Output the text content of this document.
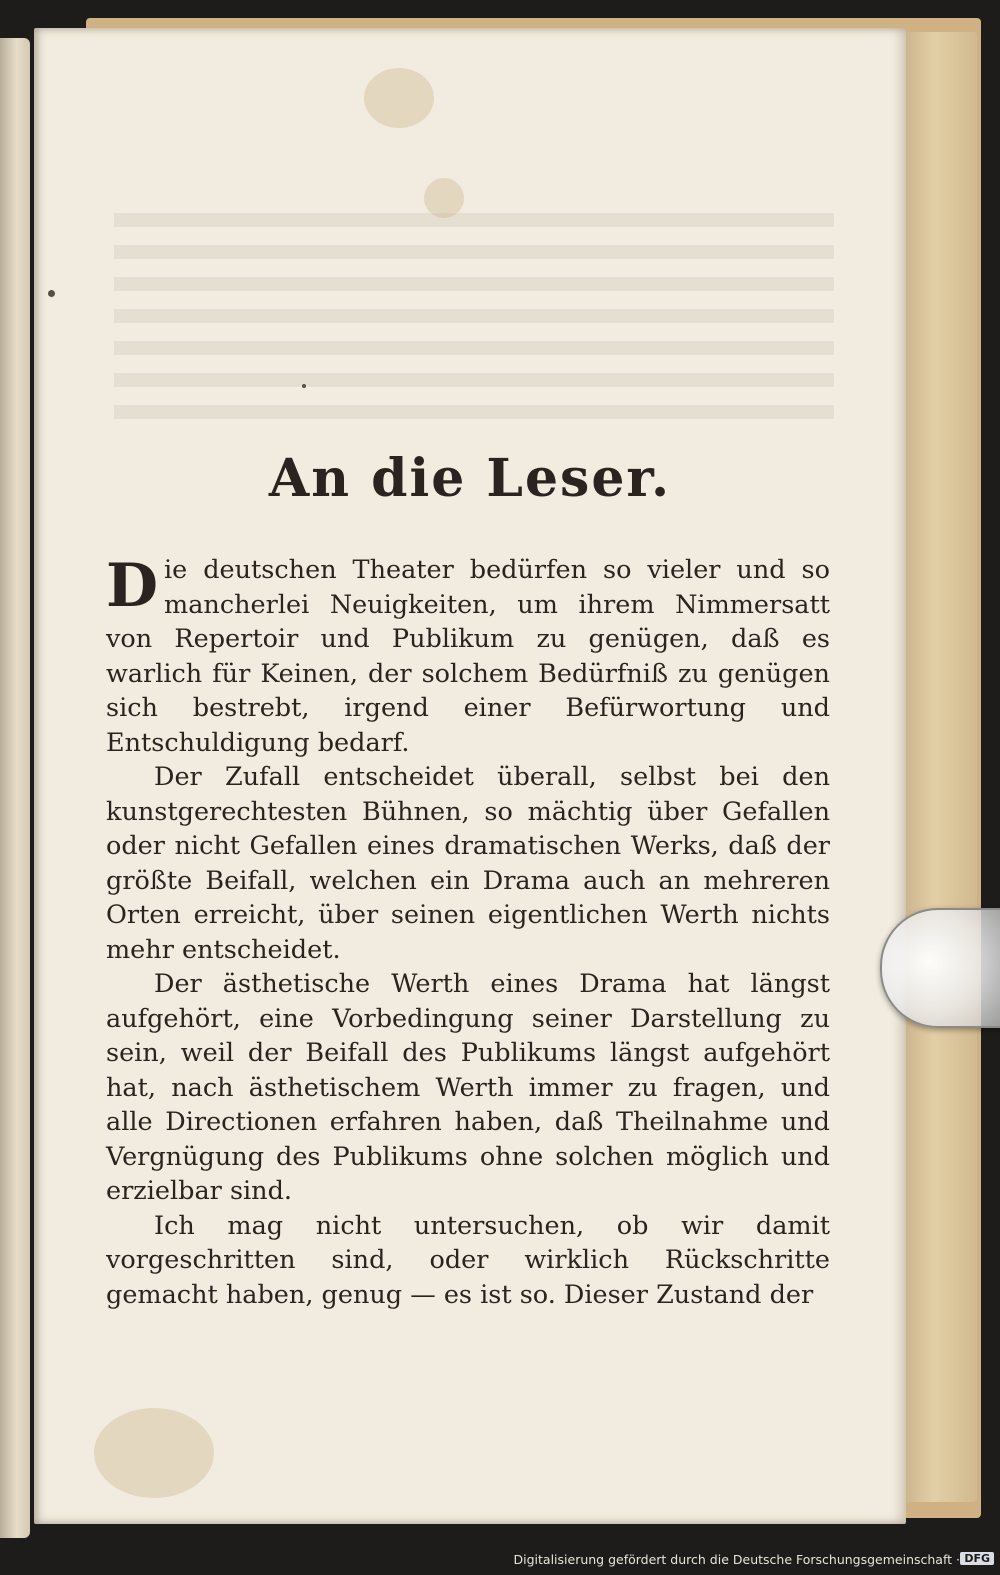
An die Leser.

Die deutschen Theater bedürfen so vieler und so mancherlei Neuigkeiten, um ihrem Nimmersatt von Repertoir und Publikum zu genügen, daß es warlich für Keinen, der solchem Bedürfniß zu genügen sich bestrebt, irgend einer Befürwortung und Entschuldigung bedarf.

Der Zufall entscheidet überall, selbst bei den kunstgerechtesten Bühnen, so mächtig über Gefallen oder nicht Gefallen eines dramatischen Werks, daß der größte Beifall, welchen ein Drama auch an mehreren Orten erreicht, über seinen eigentlichen Werth nichts mehr entscheidet.

Der ästhetische Werth eines Drama hat längst aufgehört, eine Vorbedingung seiner Darstellung zu sein, weil der Beifall des Publikums längst aufgehört hat, nach ästhetischem Werth immer zu fragen, und alle Directionen erfahren haben, daß Theilnahme und Vergnügung des Publikums ohne solchen möglich und erzielbar sind.

Ich mag nicht untersuchen, ob wir damit vorgeschritten sind, oder wirklich Rückschritte gemacht haben, genug — es ist so. Dieser Zustand der

Digitalisierung gefördert durch die Deutsche Forschungsgemeinschaft · DFG
